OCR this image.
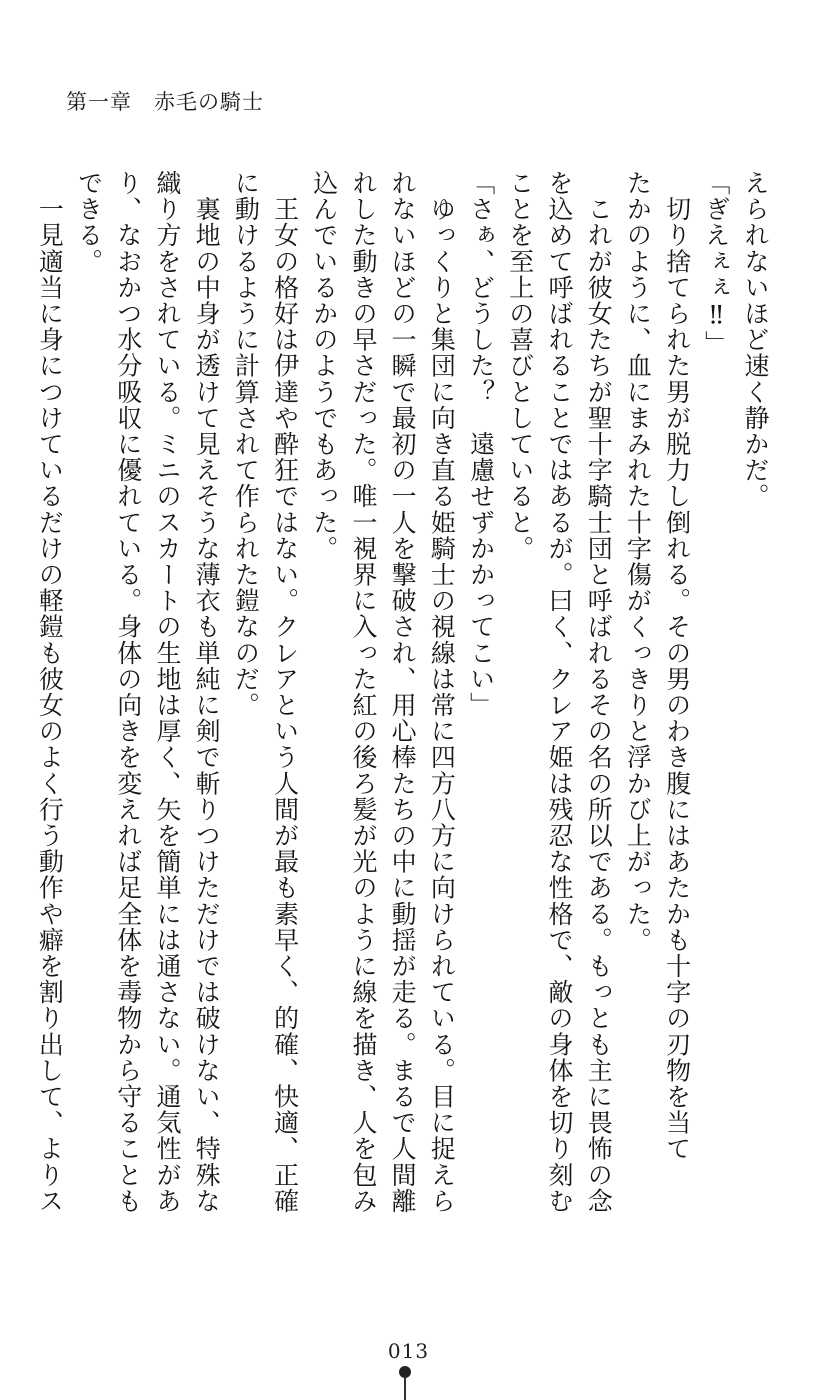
第一章　赤毛の騎士
えられないほど速く静かだ。
「ぎえぇぇ‼」
　切り捨てられた男が脱力し倒れる。その男のわき腹にはあたかも十字の刃物を当て
たかのように、血にまみれた十字傷がくっきりと浮かび上がった。
　これが彼女たちが聖十字騎士団と呼ばれるその名の所以である。もっとも主に畏怖の念
を込めて呼ばれることではあるが。曰く、クレア姫は残忍な性格で、敵の身体を切り刻む
ことを至上の喜びとしていると。
「さぁ、どうした？　遠慮せずかかってこい」
　ゆっくりと集団に向き直る姫騎士の視線は常に四方八方に向けられている。目に捉えら
れないほどの一瞬で最初の一人を撃破され、用心棒たちの中に動揺が走る。まるで人間離
れした動きの早さだった。唯一視界に入った紅の後ろ髪が光のように線を描き、人を包み
込んでいるかのようでもあった。
　王女の格好は伊達や酔狂ではない。クレアという人間が最も素早く、的確、快適、正確
に動けるように計算されて作られた鎧なのだ。
　裏地の中身が透けて見えそうな薄衣も単純に剣で斬りつけただけでは破けない、特殊な
織り方をされている。ミニのスカートの生地は厚く、矢を簡単には通さない。通気性があ
り、なおかつ水分吸収に優れている。身体の向きを変えれば足全体を毒物から守ることも
できる。
　一見適当に身につけているだけの軽鎧も彼女のよく行う動作や癖を割り出して、よりス
013
